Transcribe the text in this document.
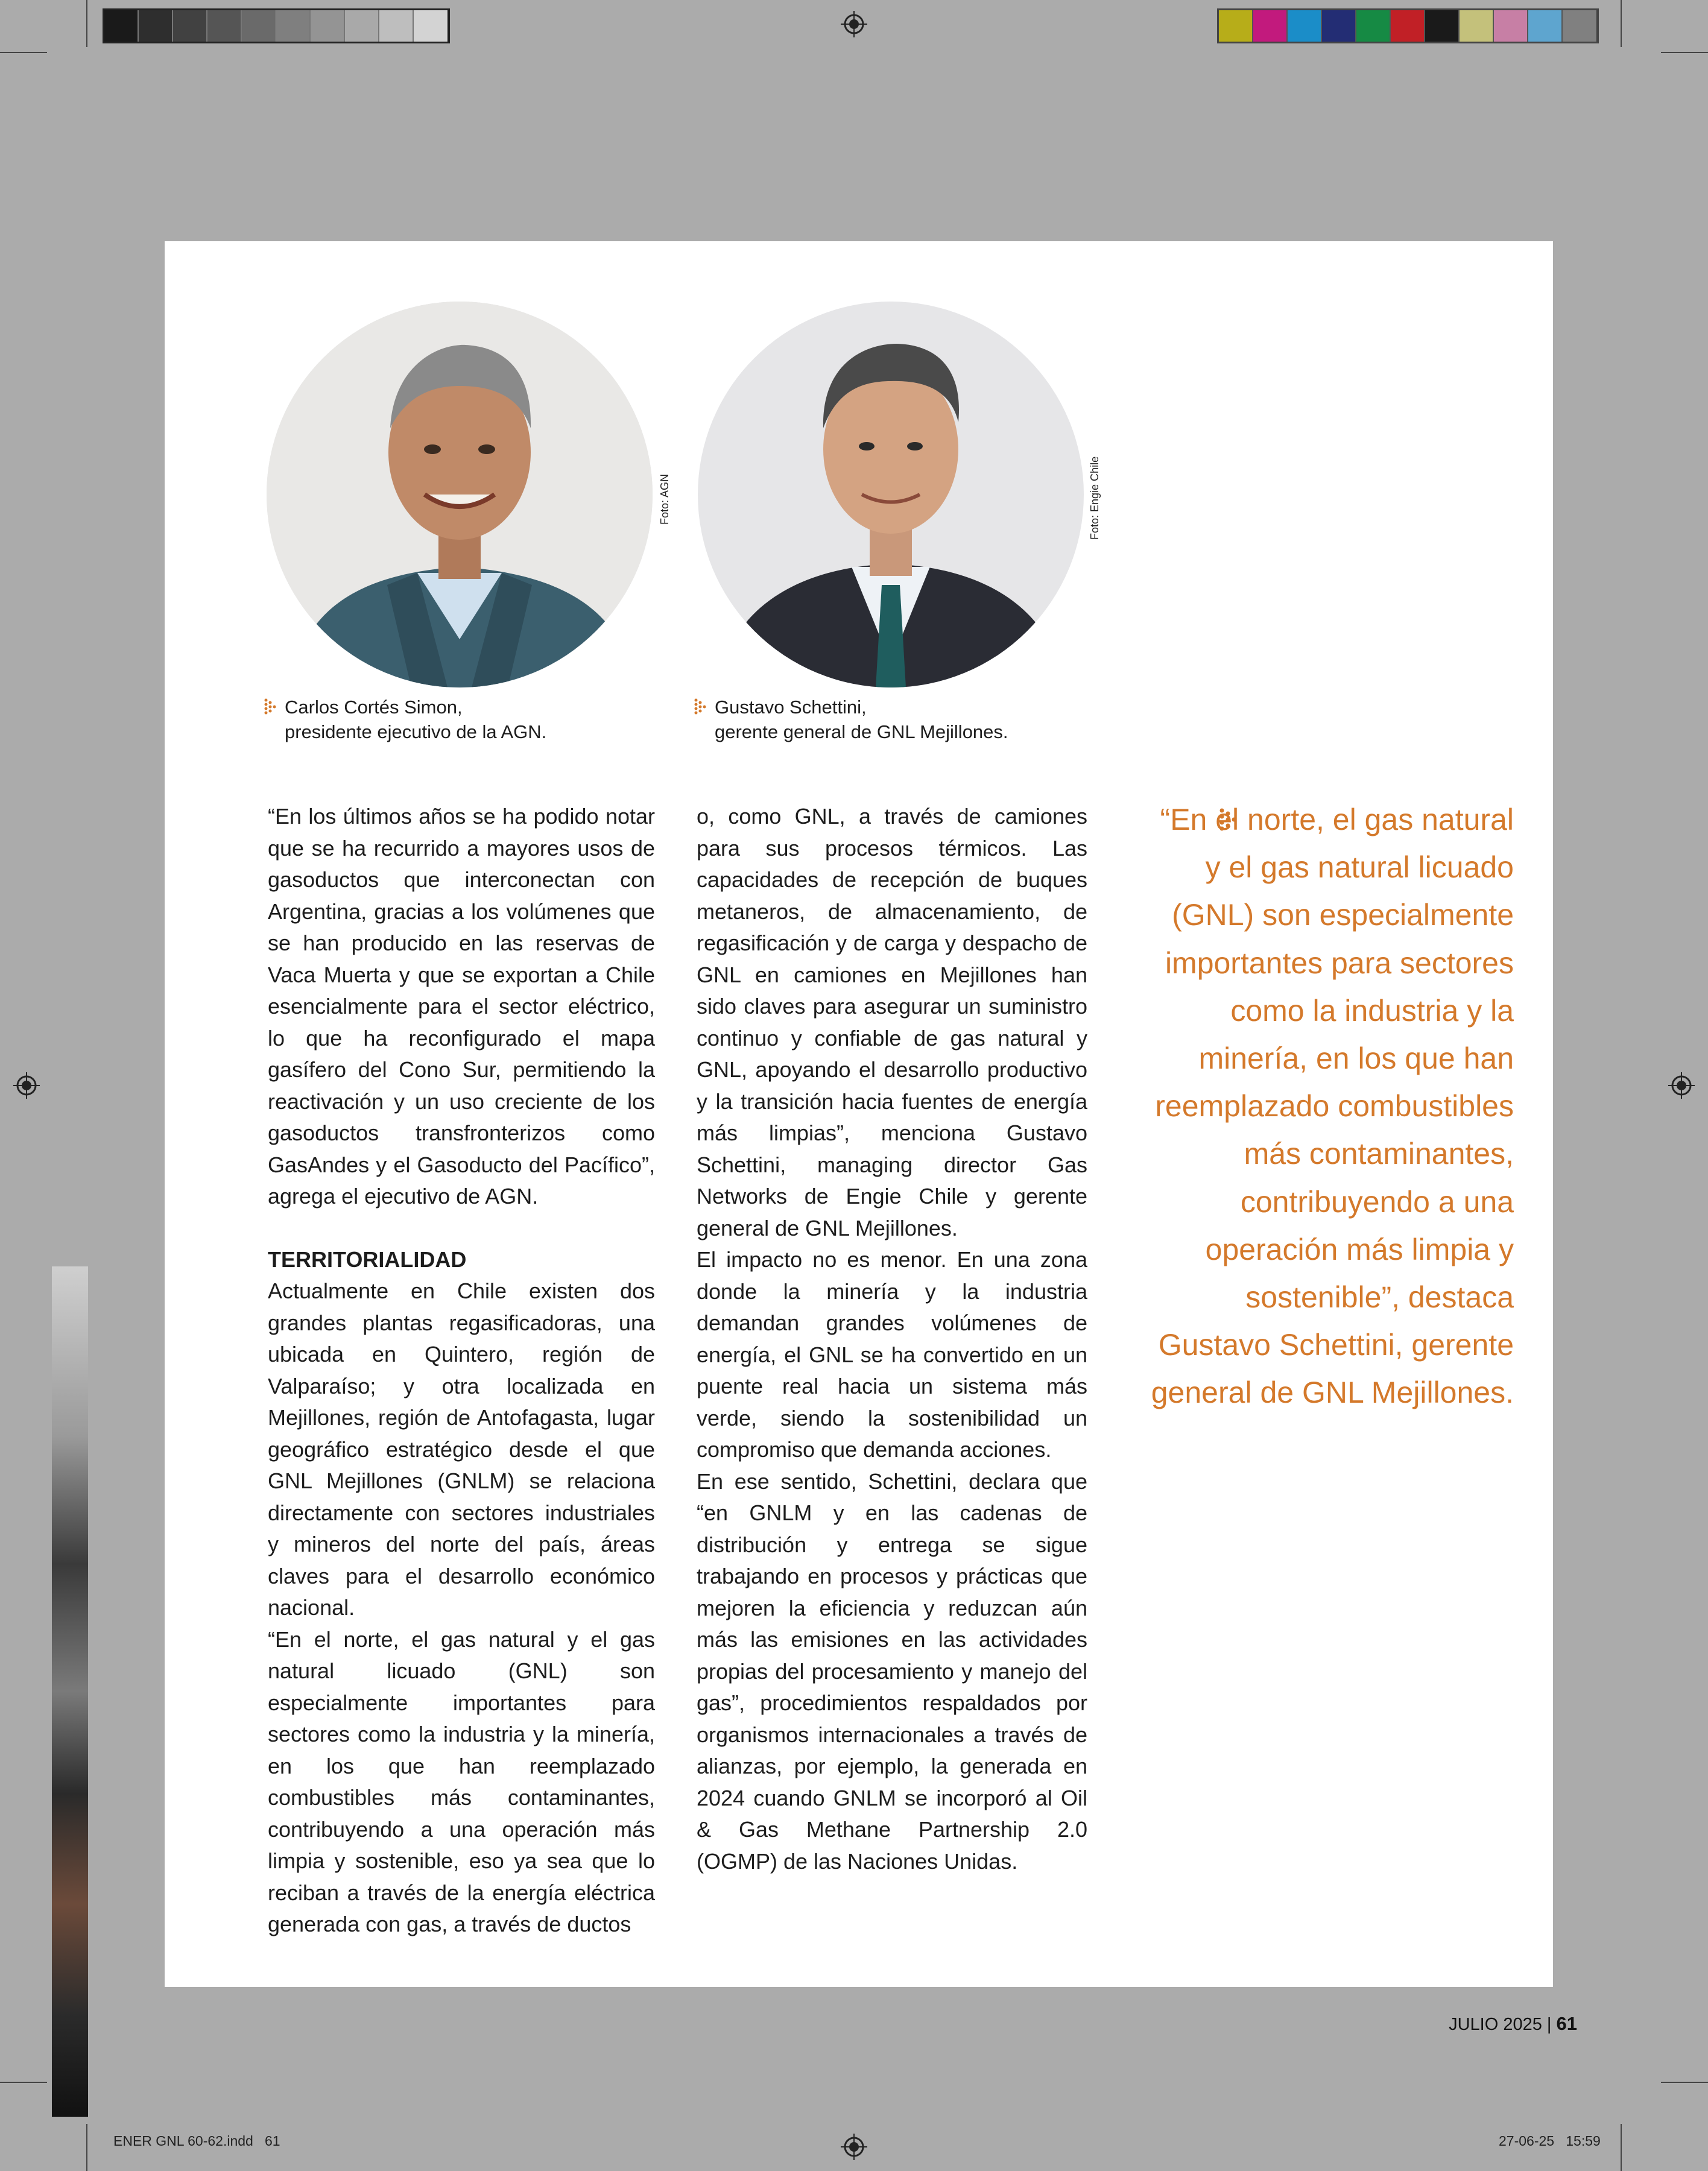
Foto: AGN	Foto: Engie Chile
Carlos Cortés Simon,
presidente ejecutivo de la AGN.
Gustavo Schettini,
gerente general de GNL Mejillones.

“En los últimos años se ha podido notar que se ha recurrido a mayores usos de gasoductos que interconectan con Argentina, gracias a los volúmenes que se han producido en las reservas de Vaca Muerta y que se exportan a Chile esencialmente para el sector eléctrico, lo que ha reconfigurado el mapa gasífero del Cono Sur, permitiendo la reactivación y un uso creciente de los gasoductos transfronterizos como GasAndes y el Gasoducto del Pacífico”, agrega el ejecutivo de AGN.

TERRITORIALIDAD

Actualmente en Chile existen dos grandes plantas regasificadoras, una ubicada en Quintero, región de Valparaíso; y otra localizada en Mejillones, región de Antofagasta, lugar geográfico estratégico desde el que GNL Mejillones (GNLM) se relaciona directamente con sectores industriales y mineros del norte del país, áreas claves para el desarrollo económico nacional.

“En el norte, el gas natural y el gas natural licuado (GNL) son especialmente importantes para sectores como la industria y la minería, en los que han reemplazado combustibles más contaminantes, contribuyendo a una operación más limpia y sostenible, eso ya sea que lo reciban a través de la energía eléctrica generada con gas, a través de ductos

o, como GNL, a través de camiones para sus procesos térmicos. Las capacidades de recepción de buques metaneros, de almacenamiento, de regasificación y de carga y despacho de GNL en camiones en Mejillones han sido claves para asegurar un suministro continuo y confiable de gas natural y GNL, apoyando el desarrollo productivo y la transición hacia fuentes de energía más limpias”, menciona Gustavo Schettini, managing director Gas Networks de Engie Chile y gerente general de GNL Mejillones.

El impacto no es menor. En una zona donde la minería y la industria demandan grandes volúmenes de energía, el GNL se ha convertido en un puente real hacia un sistema más verde, siendo la sostenibilidad un compromiso que demanda acciones.

En ese sentido, Schettini, declara que “en GNLM y en las cadenas de distribución y entrega se sigue trabajando en procesos y prácticas que mejoren la eficiencia y reduzcan aún más las emisiones en las actividades propias del procesamiento y manejo del gas”, procedimientos respaldados por organismos internacionales a través de alianzas, por ejemplo, la generada en 2024 cuando GNLM se incorporó al Oil & Gas Methane Partnership 2.0 (OGMP) de las Naciones Unidas.

“En el norte, el gas natural y el gas natural licuado (GNL) son especialmente importantes para sectores como la industria y la minería, en los que han reemplazado combustibles más contaminantes, contribuyendo a una operación más limpia y sostenible”, destaca Gustavo Schettini, gerente general de GNL Mejillones.
JULIO 2025 | 61
ENER GNL 60-62.indd   61	27-06-25   15:59
